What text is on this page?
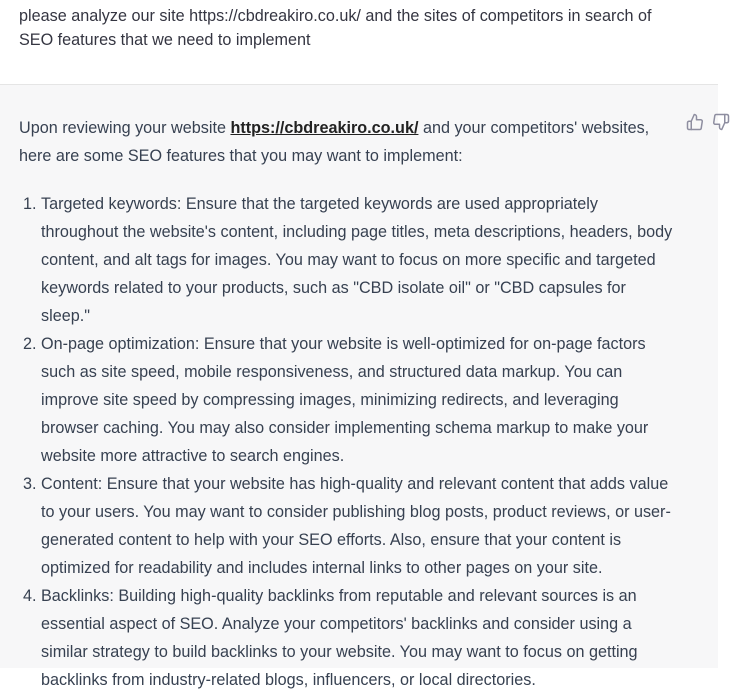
please analyze our site https://cbdreakiro.co.uk/ and the sites of competitors in search of SEO features that we need to implement

Upon reviewing your website https://cbdreakiro.co.uk/ and your competitors' websites, here are some SEO features that you may want to implement:

1. Targeted keywords: Ensure that the targeted keywords are used appropriately throughout the website's content, including page titles, meta descriptions, headers, body content, and alt tags for images. You may want to focus on more specific and targeted keywords related to your products, such as "CBD isolate oil" or "CBD capsules for sleep."
2. On-page optimization: Ensure that your website is well-optimized for on-page factors such as site speed, mobile responsiveness, and structured data markup. You can improve site speed by compressing images, minimizing redirects, and leveraging browser caching. You may also consider implementing schema markup to make your website more attractive to search engines.
3. Content: Ensure that your website has high-quality and relevant content that adds value to your users. You may want to consider publishing blog posts, product reviews, or user-generated content to help with your SEO efforts. Also, ensure that your content is optimized for readability and includes internal links to other pages on your site.
4. Backlinks: Building high-quality backlinks from reputable and relevant sources is an essential aspect of SEO. Analyze your competitors' backlinks and consider using a similar strategy to build backlinks to your website. You may want to focus on getting backlinks from industry-related blogs, influencers, or local directories.
